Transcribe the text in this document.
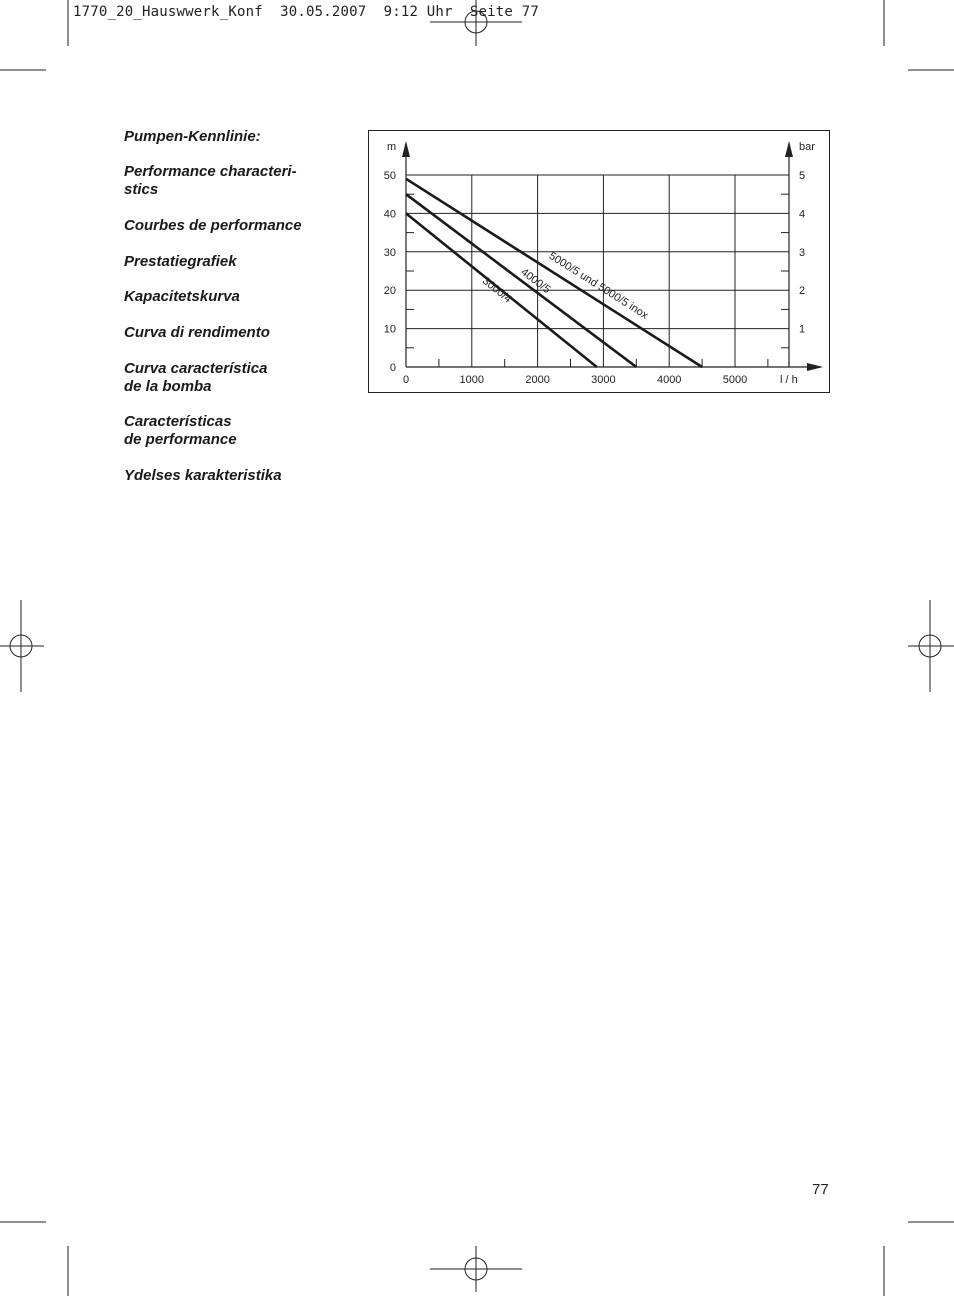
1770_20_Hauswwerk_Konf  30.05.2007  9:12 Uhr  Seite 77
Pumpen-Kennlinie:
Performance characteri-
stics
Courbes de performance
Prestatiegrafiek
Kapacitetskurva
Curva di rendimento
Curva característica
de la bomba
Características
de performance
Ydelses karakteristika
0
10
20
30
40
50
1
2
3
4
5
0	1000	2000	3000	4000	5000
m	bar
l / h
3000/4 4000/5
5000/5 und 5000/5 inox
77
